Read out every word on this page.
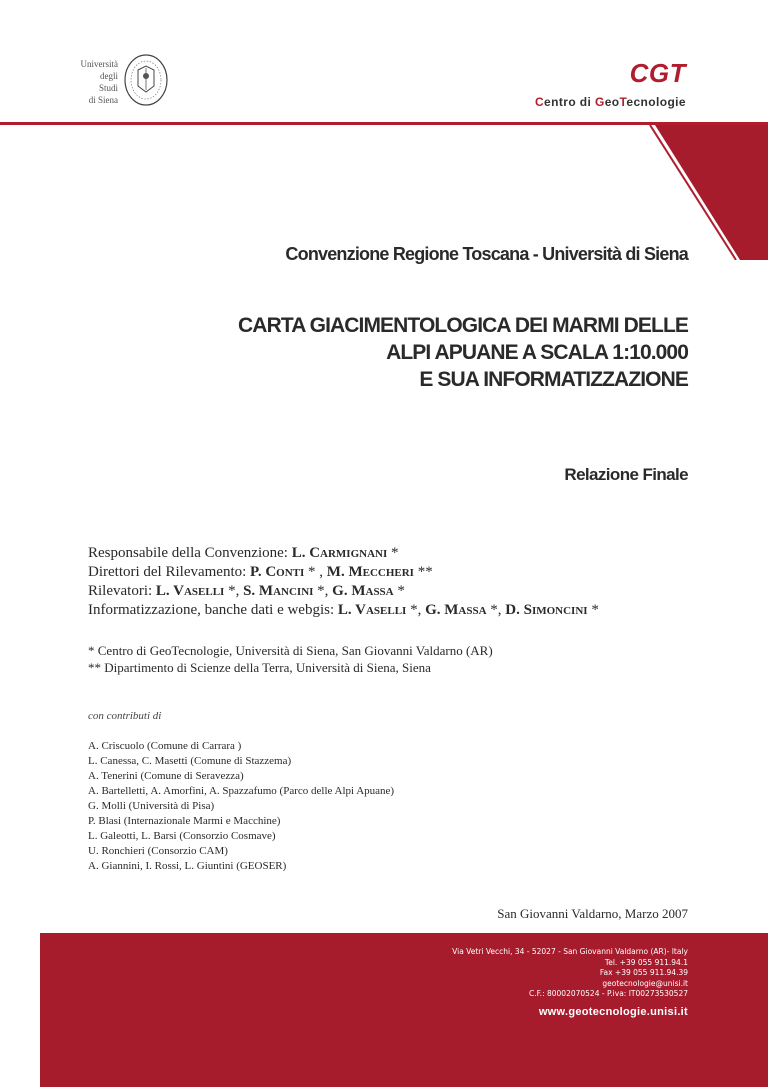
Università
degli
Studi
di Siena
CGT
Centro di GeoTecnologie
Convenzione Regione Toscana - Università di Siena
CARTA GIACIMENTOLOGICA DEI MARMI DELLE
ALPI APUANE A SCALA 1:10.000
E SUA INFORMATIZZAZIONE
Relazione Finale
Responsabile della Convenzione: L. Carmignani *
Direttori del Rilevamento: P. Conti * , M. Meccheri **
Rilevatori: L. Vaselli *, S. Mancini *, G. Massa *
Informatizzazione, banche dati e webgis: L. Vaselli *, G. Massa *, D. Simoncini *
* Centro di GeoTecnologie, Università di Siena, San Giovanni Valdarno (AR)
** Dipartimento di Scienze della Terra, Università di Siena, Siena
con contributi di
A. Criscuolo (Comune di Carrara )
L. Canessa, C. Masetti (Comune di Stazzema)
A. Tenerini (Comune di Seravezza)
A. Bartelletti, A. Amorfini, A. Spazzafumo (Parco delle Alpi Apuane)
G. Molli (Università di Pisa)
P. Blasi (Internazionale Marmi e Macchine)
L. Galeotti, L. Barsi (Consorzio Cosmave)
U. Ronchieri (Consorzio CAM)
A. Giannini, I. Rossi, L. Giuntini (GEOSER)
San Giovanni Valdarno, Marzo 2007
Via Vetri Vecchi, 34 - 52027 - San Giovanni Valdarno (AR)- Italy
Tel. +39 055 911.94.1
Fax +39 055 911.94.39
geotecnologie@unisi.it
C.F.: 80002070524 - P.iva: IT00273530527
www.geotecnologie.unisi.it
